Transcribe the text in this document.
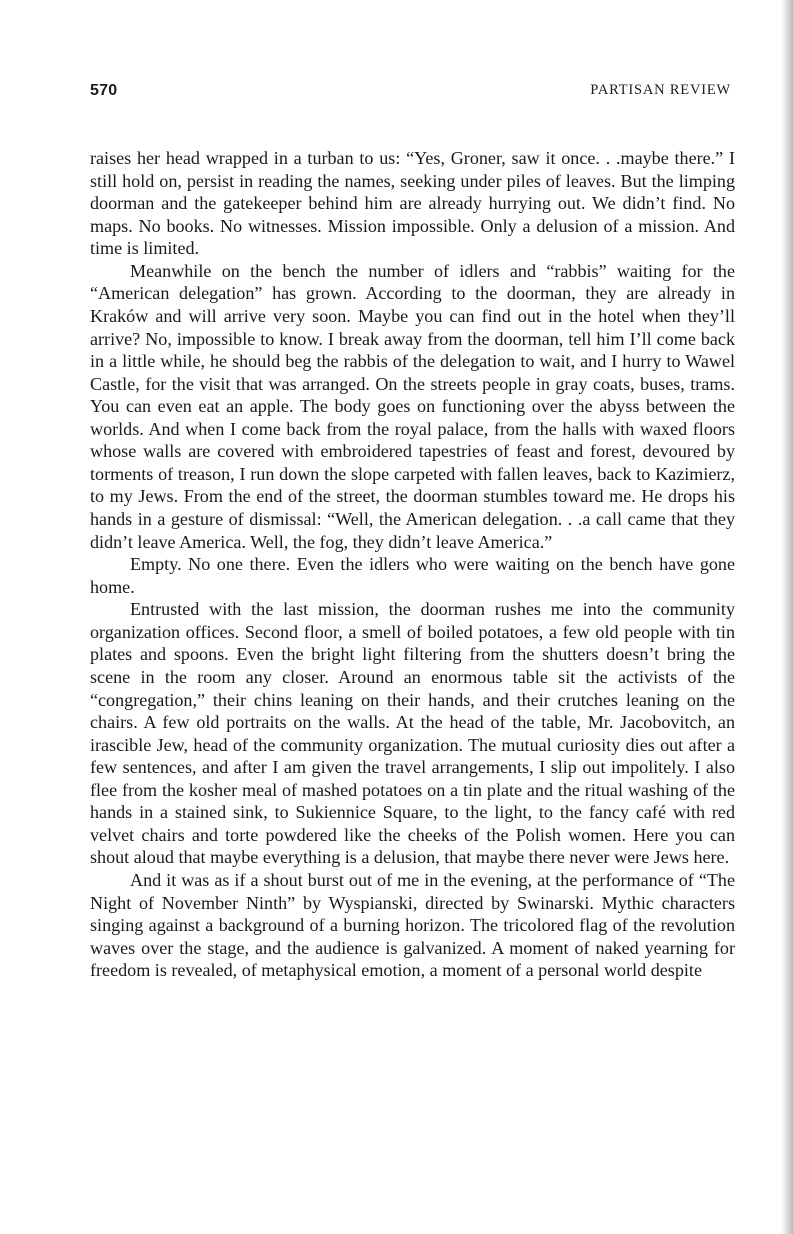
570	PARTISAN REVIEW

raises her head wrapped in a turban to us: “Yes, Groner, saw it once. . .maybe there.” I still hold on, persist in reading the names, seeking under piles of leaves. But the limping doorman and the gatekeeper behind him are already hurrying out. We didn’t find. No maps. No books. No witnesses. Mission impossible. Only a delusion of a mission. And time is limited.

Meanwhile on the bench the number of idlers and “rabbis” waiting for the “American delegation” has grown. According to the doorman, they are already in Kraków and will arrive very soon. Maybe you can find out in the hotel when they’ll arrive? No, impossible to know. I break away from the doorman, tell him I’ll come back in a little while, he should beg the rabbis of the delegation to wait, and I hurry to Wawel Castle, for the visit that was arranged. On the streets people in gray coats, buses, trams. You can even eat an apple. The body goes on functioning over the abyss between the worlds. And when I come back from the royal palace, from the halls with waxed floors whose walls are covered with embroidered tapestries of feast and forest, devoured by torments of treason, I run down the slope carpeted with fallen leaves, back to Kazimierz, to my Jews. From the end of the street, the doorman stumbles toward me. He drops his hands in a gesture of dismissal: “Well, the American delegation. . .a call came that they didn’t leave America. Well, the fog, they didn’t leave America.”

Empty. No one there. Even the idlers who were waiting on the bench have gone home.

Entrusted with the last mission, the doorman rushes me into the community organization offices. Second floor, a smell of boiled potatoes, a few old people with tin plates and spoons. Even the bright light filtering from the shutters doesn’t bring the scene in the room any closer. Around an enormous table sit the activists of the “congregation,” their chins leaning on their hands, and their crutches leaning on the chairs. A few old portraits on the walls. At the head of the table, Mr. Jacobovitch, an irascible Jew, head of the community organization. The mutual curiosity dies out after a few sentences, and after I am given the travel arrangements, I slip out impolitely. I also flee from the kosher meal of mashed potatoes on a tin plate and the ritual washing of the hands in a stained sink, to Sukiennice Square, to the light, to the fancy café with red velvet chairs and torte powdered like the cheeks of the Polish women. Here you can shout aloud that maybe everything is a delusion, that maybe there never were Jews here.

And it was as if a shout burst out of me in the evening, at the performance of “The Night of November Ninth” by Wyspianski, directed by Swinarski. Mythic characters singing against a background of a burning horizon. The tricolored flag of the revolution waves over the stage, and the audience is galvanized. A moment of naked yearning for freedom is revealed, of metaphysical emotion, a moment of a personal world despite
